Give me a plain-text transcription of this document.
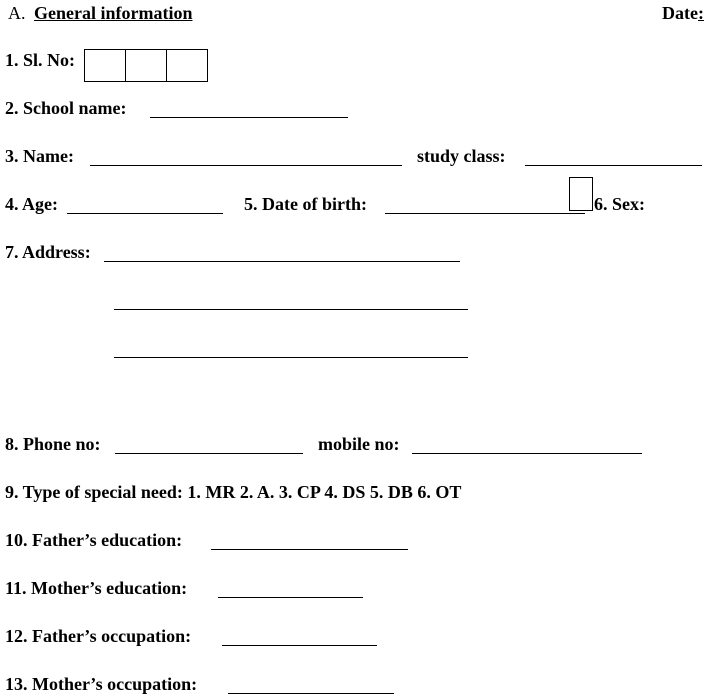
A. General information	Date:
1. Sl. No:
2. School name:
3. Name:	study class:
4. Age:	5. Date of birth:	6. Sex:
7. Address:
8. Phone no:	mobile no:
9. Type of special need: 1. MR 2. A. 3. CP 4. DS 5. DB 6. OT
10. Father’s education:
11. Mother’s education:
12. Father’s occupation:
13. Mother’s occupation:
